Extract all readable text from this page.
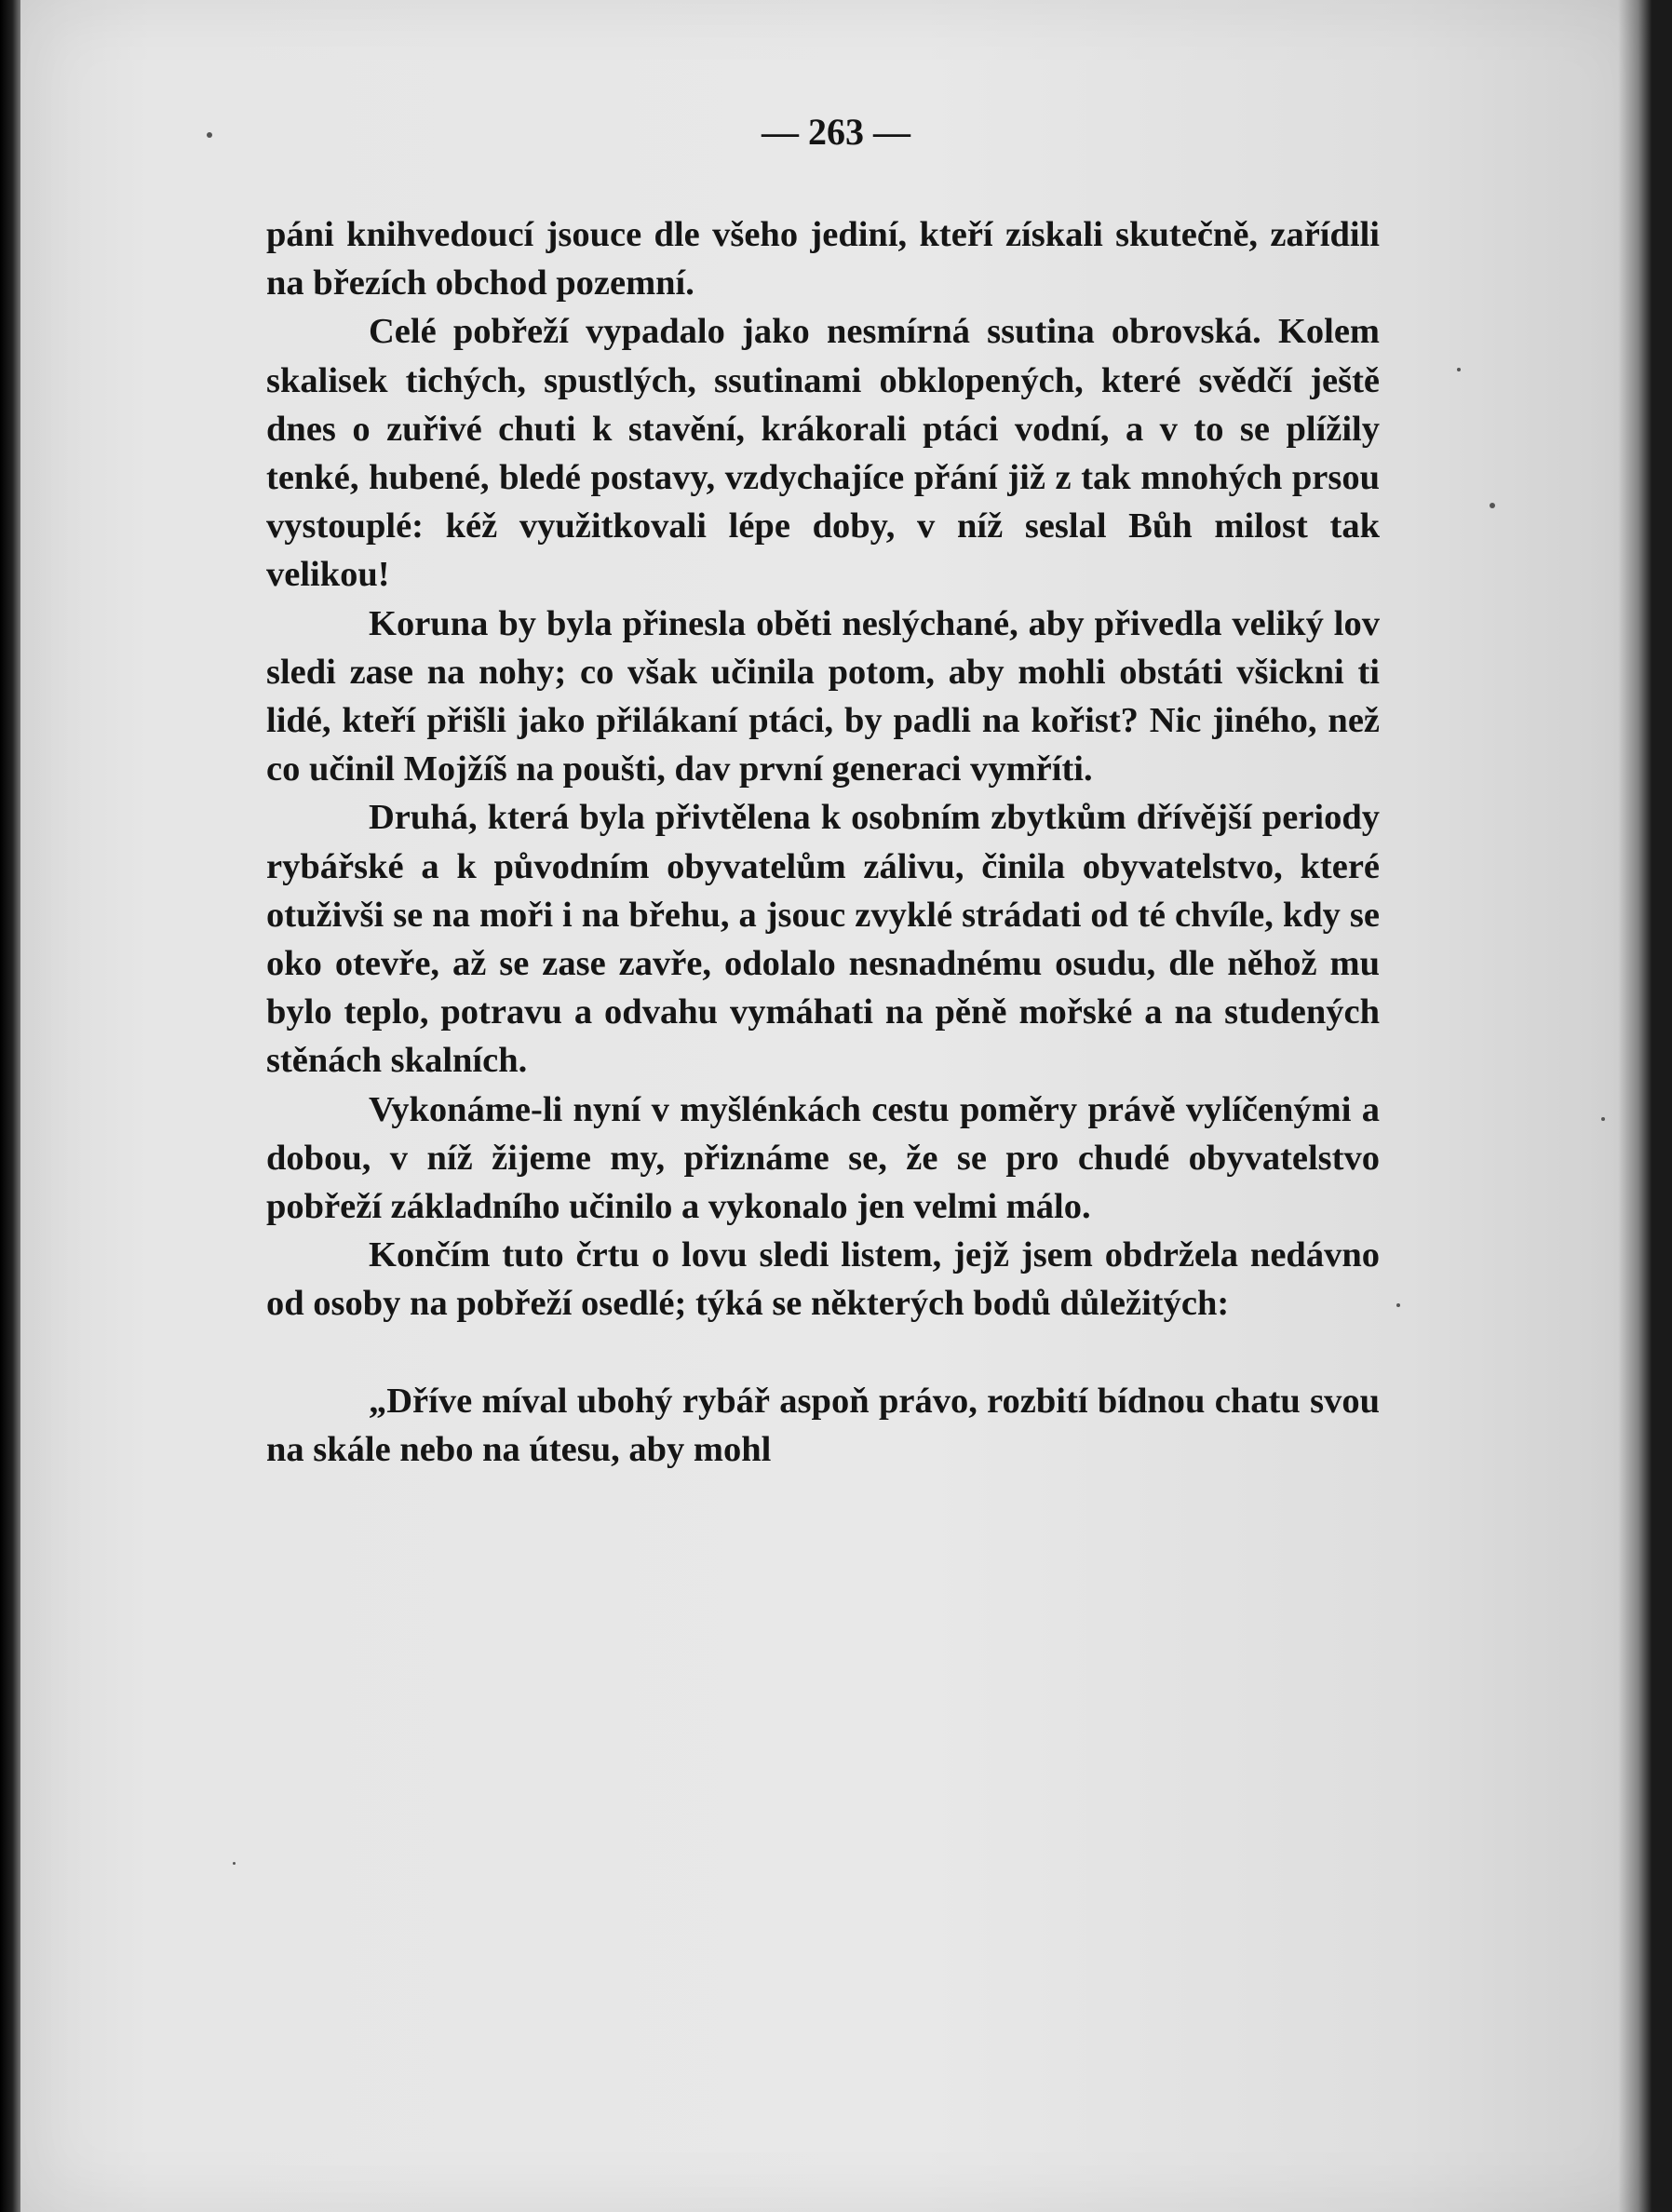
— 263 —

páni knihvedoucí jsouce dle všeho jediní, kteří získali skutečně, zařídili na březích obchod pozemní.

Celé pobřeží vypadalo jako nesmírná ssutina obrovská. Kolem skalisek tichých, spustlých, ssutinami obklopených, které svědčí ještě dnes o zuřivé chuti k stavění, krákorali ptáci vodní, a v to se plížily tenké, hubené, bledé postavy, vzdychajíce přání již z tak mnohých prsou vystouplé: kéž využitkovali lépe doby, v níž seslal Bůh milost tak velikou!

Koruna by byla přinesla oběti neslýchané, aby přivedla veliký lov sledi zase na nohy; co však učinila potom, aby mohli obstáti všickni ti lidé, kteří přišli jako přilákaní ptáci, by padli na kořist? Nic jiného, než co učinil Mojžíš na poušti, dav první generaci vymříti.

Druhá, která byla přivtělena k osobním zbytkům dřívější periody rybářské a k původním obyvatelům zálivu, činila obyvatelstvo, které otuživši se na moři i na břehu, a jsouc zvyklé strádati od té chvíle, kdy se oko otevře, až se zase zavře, odolalo nesnadnému osudu, dle něhož mu bylo teplo, potravu a odvahu vymáhati na pěně mořské a na studených stěnách skalních.

Vykonáme-li nyní v myšlénkách cestu poměry právě vylíčenými a dobou, v níž žijeme my, přiznáme se, že se pro chudé obyvatelstvo pobřeží základního učinilo a vykonalo jen velmi málo.

Končím tuto črtu o lovu sledi listem, jejž jsem obdržela nedávno od osoby na pobřeží osedlé; týká se některých bodů důležitých:

„Dříve míval ubohý rybář aspoň právo, rozbití bídnou chatu svou na skále nebo na útesu, aby mohl
